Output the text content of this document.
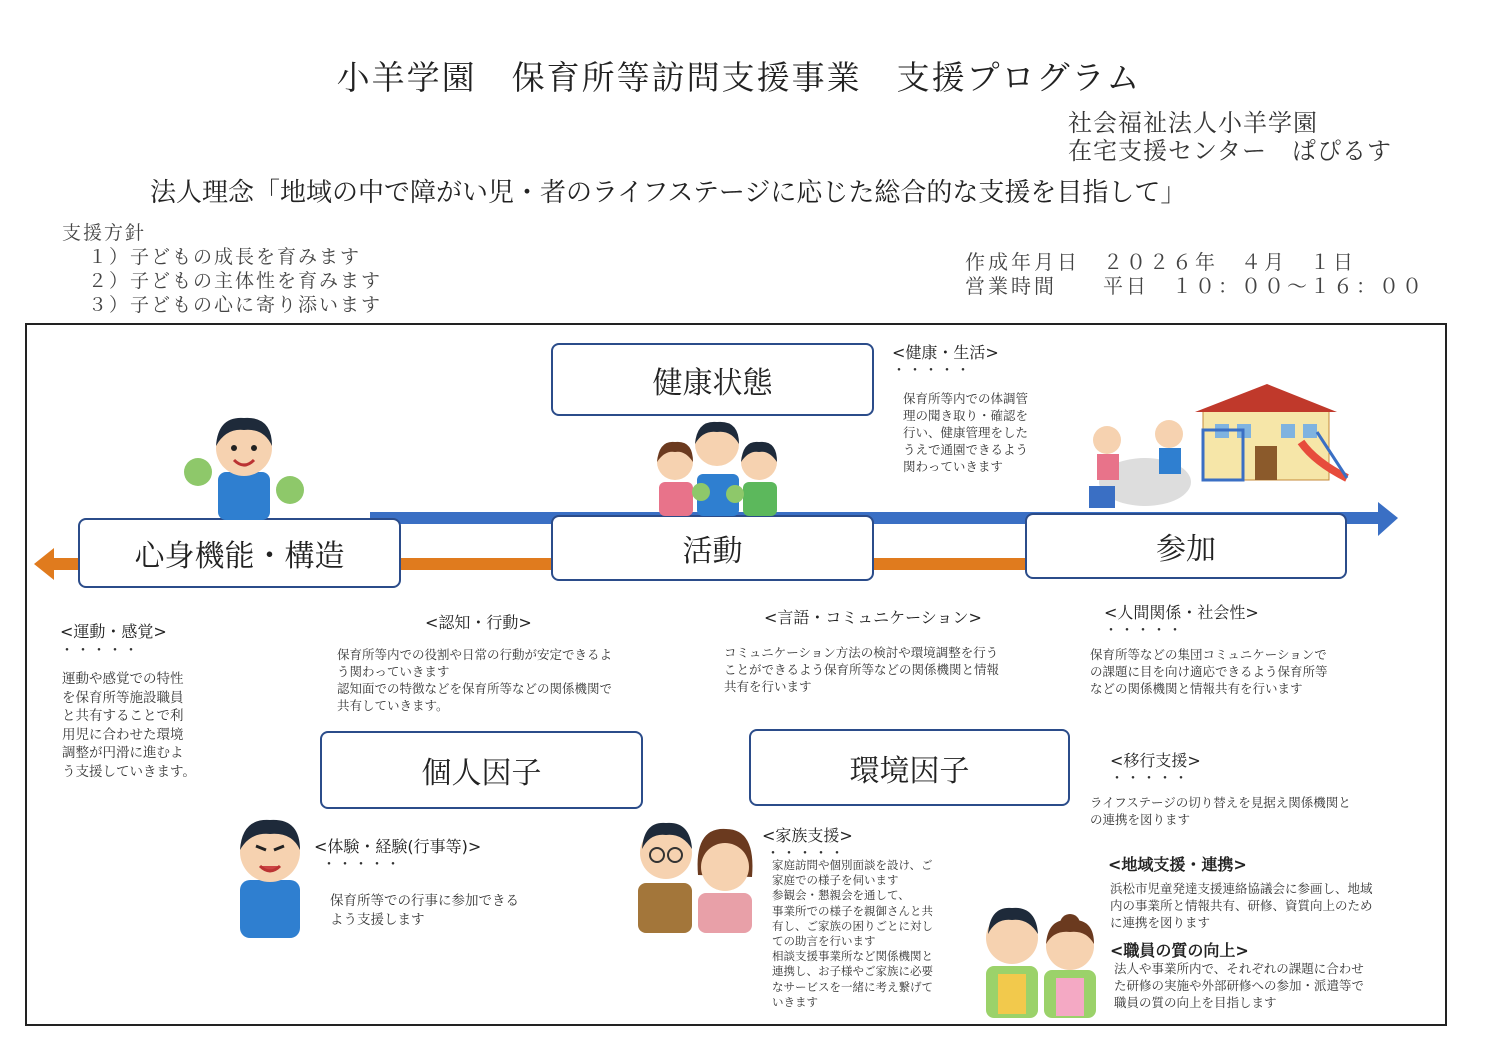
小羊学園　保育所等訪問支援事業　支援プログラム
社会福祉法人小羊学園
在宅支援センター　ぱぴるす
法人理念「地域の中で障がい児・者のライフステージに応じた総合的な支援を目指して」
支援方針
１）子どもの成長を育みます
２）子どもの主体性を育みます
３）子どもの心に寄り添います
作成年月日　２０２６年　４月　１日
営業時間　　平日　１０：００～１６：００
健康状態
心身機能・構造	活動	参加
個人因子	環境因子
<健康・生活>
・・・・・
保育所等内での体調管
理の聞き取り・確認を
行い、健康管理をした
うえで通園できるよう
関わっていきます
<運動・感覚>
・・・・・
運動や感覚での特性
を保育所等施設職員
と共有することで利
用児に合わせた環境
調整が円滑に進むよ
う支援していきます。
<認知・行動>
保育所等内での役割や日常の行動が安定できるよ
う関わっていきます
認知面での特徴などを保育所等などの関係機関で
共有していきます。
<言語・コミュニケーション>
コミュニケーション方法の検討や環境調整を行う
ことができるよう保育所等などの関係機関と情報
共有を行います
<人間関係・社会性>
・・・・・
保育所等などの集団コミュニケーションで
の課題に目を向け適応できるよう保育所等
などの関係機関と情報共有を行います
<移行支援>
・・・・・
ライフステージの切り替えを見据え関係機関と
の連携を図ります
<体験・経験(行事等)>
・・・・・
保育所等での行事に参加できる
よう支援します
<家族支援>
・・・・・
家庭訪問や個別面談を設け、ご
家庭での様子を伺います
参観会・懇親会を通して、
事業所での様子を親御さんと共
有し、ご家族の困りごとに対し
ての助言を行います
相談支援事業所など関係機関と
連携し、お子様やご家族に必要
なサービスを一緒に考え繋げて
いきます
<地域支援・連携>
浜松市児童発達支援連絡協議会に参画し、地域
内の事業所と情報共有、研修、資質向上のため
に連携を図ります
<職員の質の向上>
法人や事業所内で、それぞれの課題に合わせ
た研修の実施や外部研修への参加・派遣等で
職員の質の向上を目指します
